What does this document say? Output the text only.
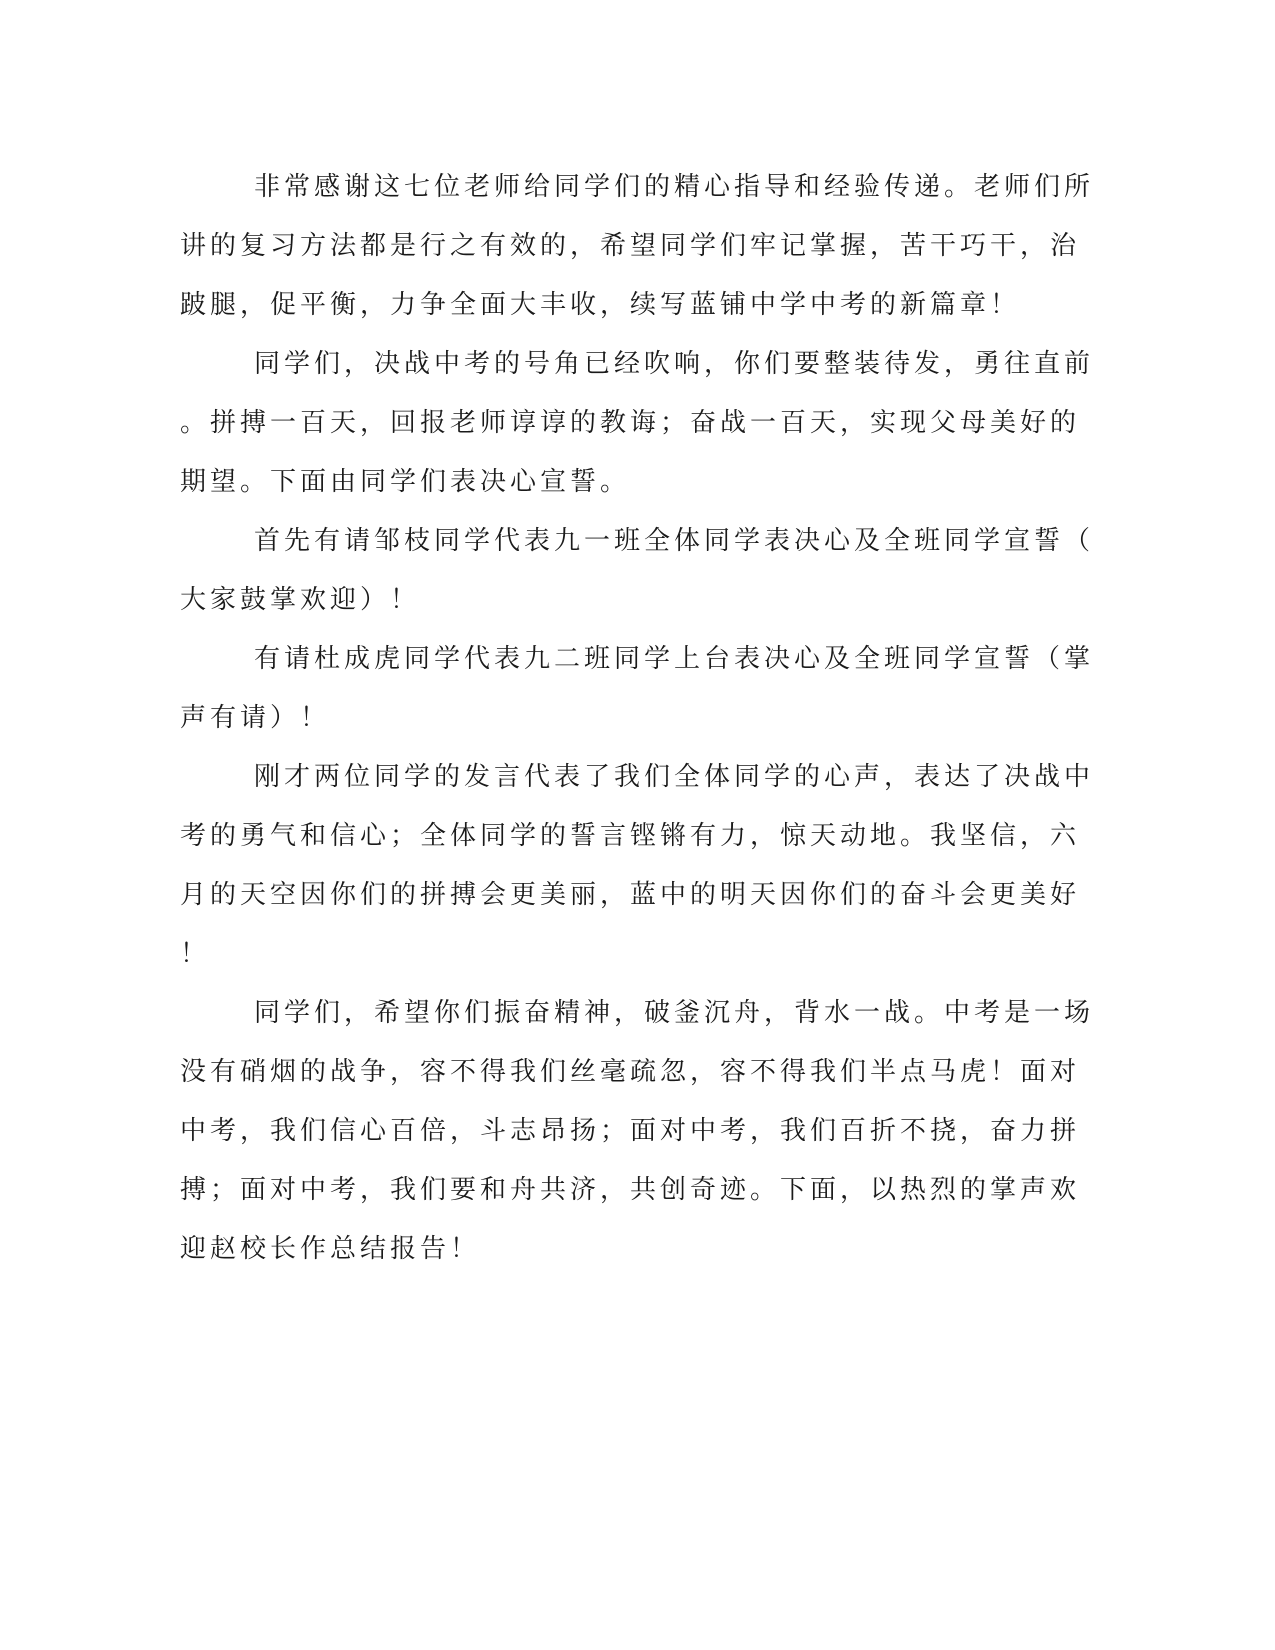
非常感谢这七位老师给同学们的精心指导和经验传递。老师们所
讲的复习方法都是行之有效的，希望同学们牢记掌握，苦干巧干，治
跛腿，促平衡，力争全面大丰收，续写蓝铺中学中考的新篇章！
同学们，决战中考的号角已经吹响，你们要整装待发，勇往直前
。拼搏一百天，回报老师谆谆的教诲；奋战一百天，实现父母美好的
期望。下面由同学们表决心宣誓。
首先有请邹枝同学代表九一班全体同学表决心及全班同学宣誓（
大家鼓掌欢迎）！
有请杜成虎同学代表九二班同学上台表决心及全班同学宣誓（掌
声有请）！
刚才两位同学的发言代表了我们全体同学的心声，表达了决战中
考的勇气和信心；全体同学的誓言铿锵有力，惊天动地。我坚信，六
月的天空因你们的拼搏会更美丽，蓝中的明天因你们的奋斗会更美好
！
同学们，希望你们振奋精神，破釜沉舟，背水一战。中考是一场
没有硝烟的战争，容不得我们丝毫疏忽，容不得我们半点马虎！面对
中考，我们信心百倍，斗志昂扬；面对中考，我们百折不挠，奋力拼
搏；面对中考，我们要和舟共济，共创奇迹。下面，以热烈的掌声欢
迎赵校长作总结报告！
